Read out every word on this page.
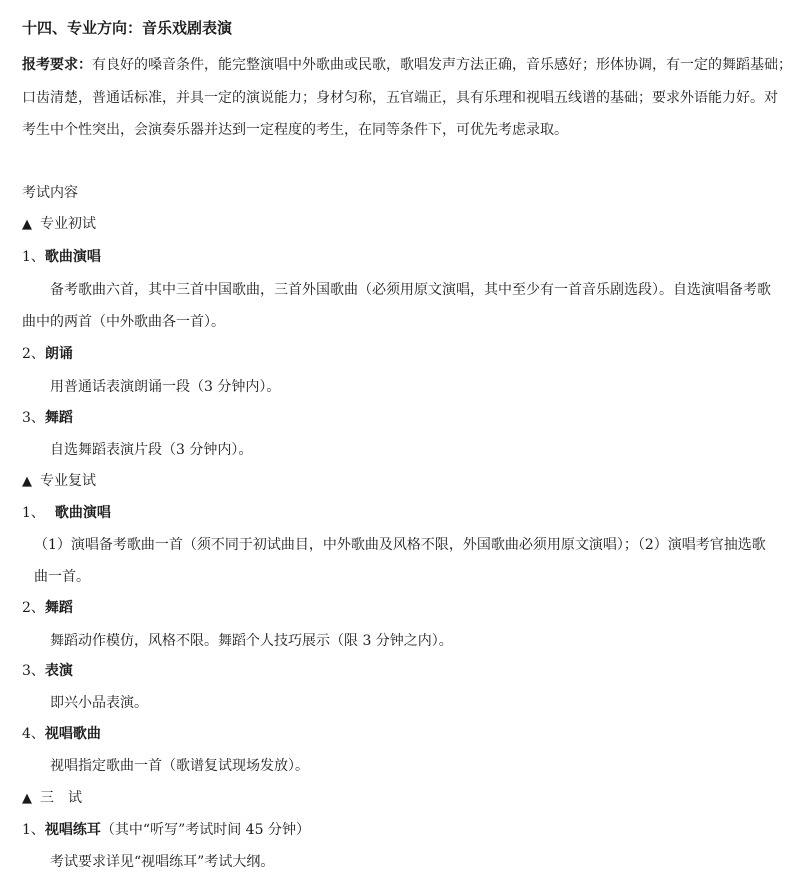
十四、专业方向：音乐戏剧表演
报考要求：有良好的嗓音条件，能完整演唱中外歌曲或民歌，歌唱发声方法正确，音乐感好；形体协调，有一定的舞蹈基础；
口齿清楚，普通话标准，并具一定的演说能力；身材匀称，五官端正，具有乐理和视唱五线谱的基础；要求外语能力好。对
考生中个性突出，会演奏乐器并达到一定程度的考生，在同等条件下，可优先考虑录取。
考试内容
▲ 专业初试
1、歌曲演唱
备考歌曲六首，其中三首中国歌曲，三首外国歌曲（必须用原文演唱，其中至少有一首音乐剧选段）。自选演唱备考歌
曲中的两首（中外歌曲各一首）。
2、朗诵
用普通话表演朗诵一段（3 分钟内）。
3、舞蹈
自选舞蹈表演片段（3 分钟内）。
▲ 专业复试
1、 歌曲演唱
（1）演唱备考歌曲一首（须不同于初试曲目，中外歌曲及风格不限，外国歌曲必须用原文演唱）；（2）演唱考官抽选歌
曲一首。
2、舞蹈
舞蹈动作模仿，风格不限。舞蹈个人技巧展示（限 3 分钟之内）。
3、表演
即兴小品表演。
4、视唱歌曲
视唱指定歌曲一首（歌谱复试现场发放）。
▲ 三　试
1、视唱练耳（其中“听写”考试时间 45 分钟）
考试要求详见“视唱练耳”考试大纲。
